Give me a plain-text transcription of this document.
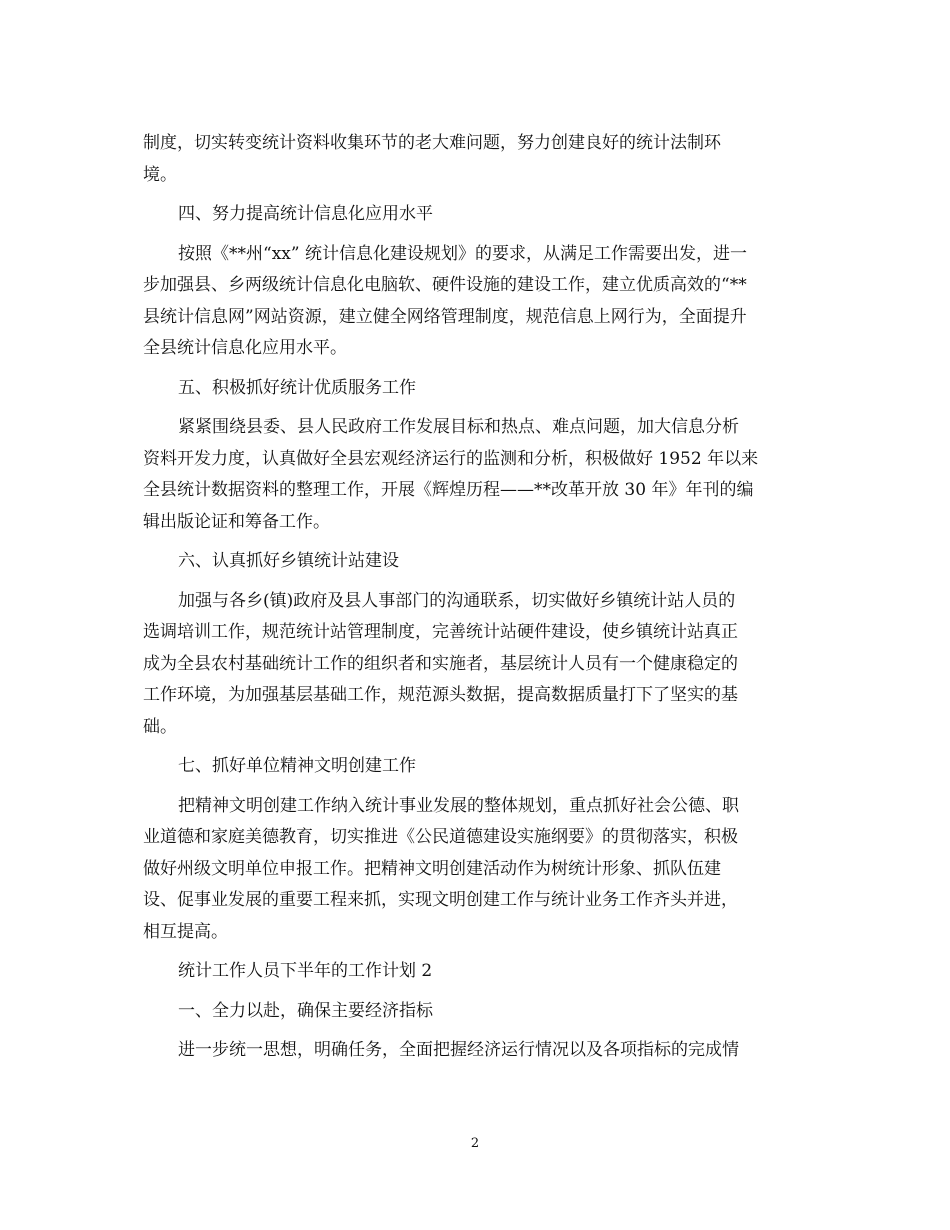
制度，切实转变统计资料收集环节的老大难问题，努力创建良好的统计法制环
境。
四、努力提高统计信息化应用水平
按照《**州“xx” 统计信息化建设规划》的要求，从满足工作需要出发，进一
步加强县、乡两级统计信息化电脑软、硬件设施的建设工作，建立优质高效的“**
县统计信息网”网站资源，建立健全网络管理制度，规范信息上网行为，全面提升
全县统计信息化应用水平。
五、积极抓好统计优质服务工作
紧紧围绕县委、县人民政府工作发展目标和热点、难点问题，加大信息分析
资料开发力度，认真做好全县宏观经济运行的监测和分析，积极做好 1952 年以来
全县统计数据资料的整理工作，开展《辉煌历程——**改革开放 30 年》年刊的编
辑出版论证和筹备工作。
六、认真抓好乡镇统计站建设
加强与各乡(镇)政府及县人事部门的沟通联系，切实做好乡镇统计站人员的
选调培训工作，规范统计站管理制度，完善统计站硬件建设，使乡镇统计站真正
成为全县农村基础统计工作的组织者和实施者，基层统计人员有一个健康稳定的
工作环境，为加强基层基础工作，规范源头数据，提高数据质量打下了坚实的基
础。
七、抓好单位精神文明创建工作
把精神文明创建工作纳入统计事业发展的整体规划，重点抓好社会公德、职
业道德和家庭美德教育，切实推进《公民道德建设实施纲要》的贯彻落实，积极
做好州级文明单位申报工作。把精神文明创建活动作为树统计形象、抓队伍建
设、促事业发展的重要工程来抓，实现文明创建工作与统计业务工作齐头并进，
相互提高。
统计工作人员下半年的工作计划 2
一、全力以赴，确保主要经济指标
进一步统一思想，明确任务，全面把握经济运行情况以及各项指标的完成情
2
